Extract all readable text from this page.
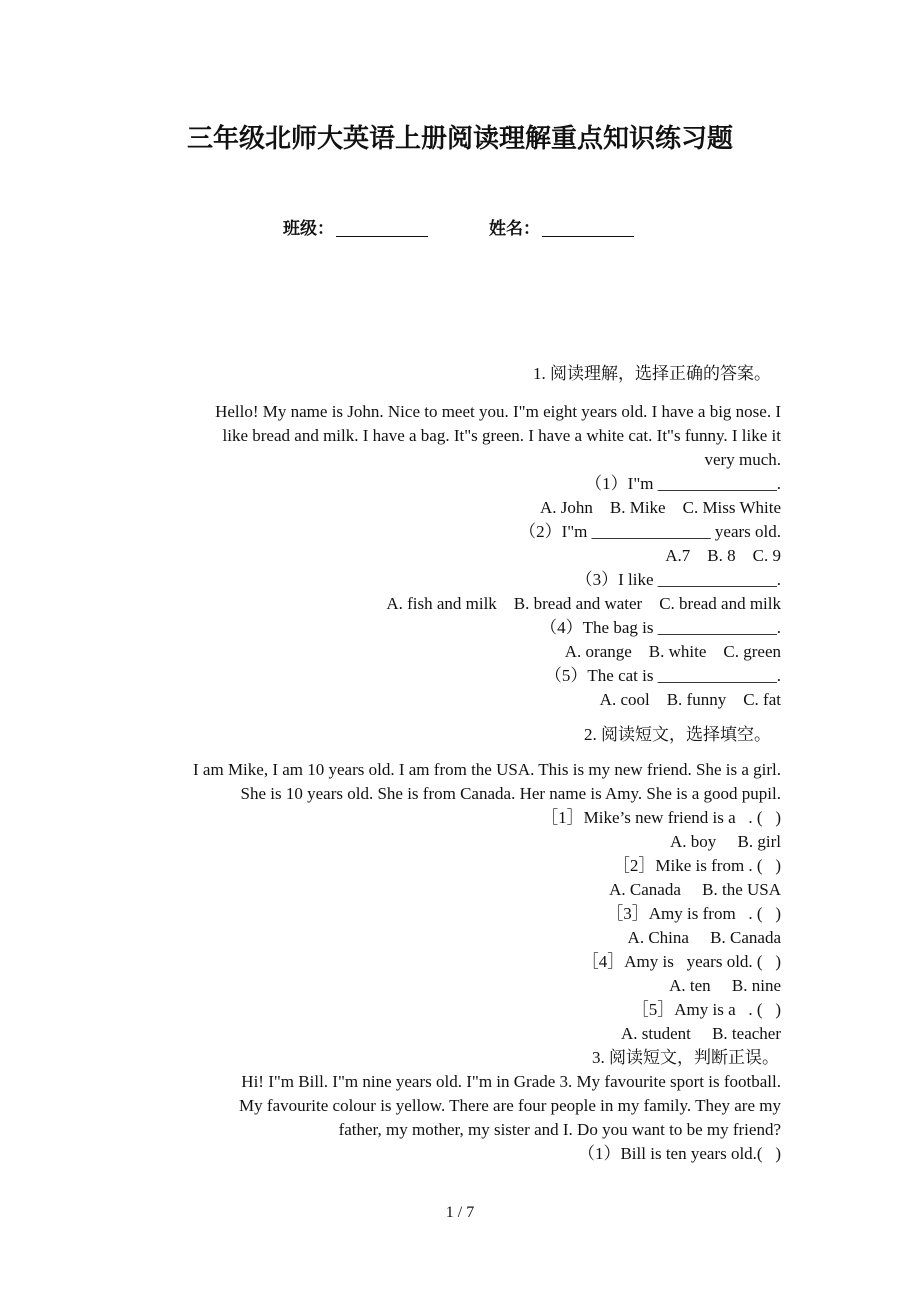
三年级北师大英语上册阅读理解重点知识练习题
班级：	姓名：

1. 阅读理解，选择正确的答案。

Hello! My name is John. Nice to meet you. I"m eight years old. I have a big nose. I

like bread and milk. I have a bag. It"s green. I have a white cat. It"s funny. I like it

very much.

（1）I"m ______________.

A. John    B. Mike    C. Miss White

（2）I"m ______________ years old.

A.7    B. 8    C. 9

（3）I like ______________.

A. fish and milk    B. bread and water    C. bread and milk

（4）The bag is ______________.

A. orange    B. white    C. green

（5）The cat is ______________.

A. cool    B. funny    C. fat

2. 阅读短文，选择填空。

I am Mike, I am 10 years old. I am from the USA. This is my new friend. She is a girl.

She is 10 years old. She is from Canada. Her name is Amy. She is a good pupil.

［1］Mike’s new friend is a   . (   )

A. boy     B. girl

［2］Mike is from . (   )

A. Canada     B. the USA

［3］Amy is from   . (   )

A. China     B. Canada

［4］Amy is   years old. (   )

A. ten     B. nine

［5］Amy is a   . (   )

A. student     B. teacher

3. 阅读短文，判断正误。

Hi! I"m Bill. I"m nine years old. I"m in Grade 3. My favourite sport is football.

My favourite colour is yellow. There are four people in my family. They are my

father, my mother, my sister and I. Do you want to be my friend?

（1）Bill is ten years old.(   )

1 / 7
